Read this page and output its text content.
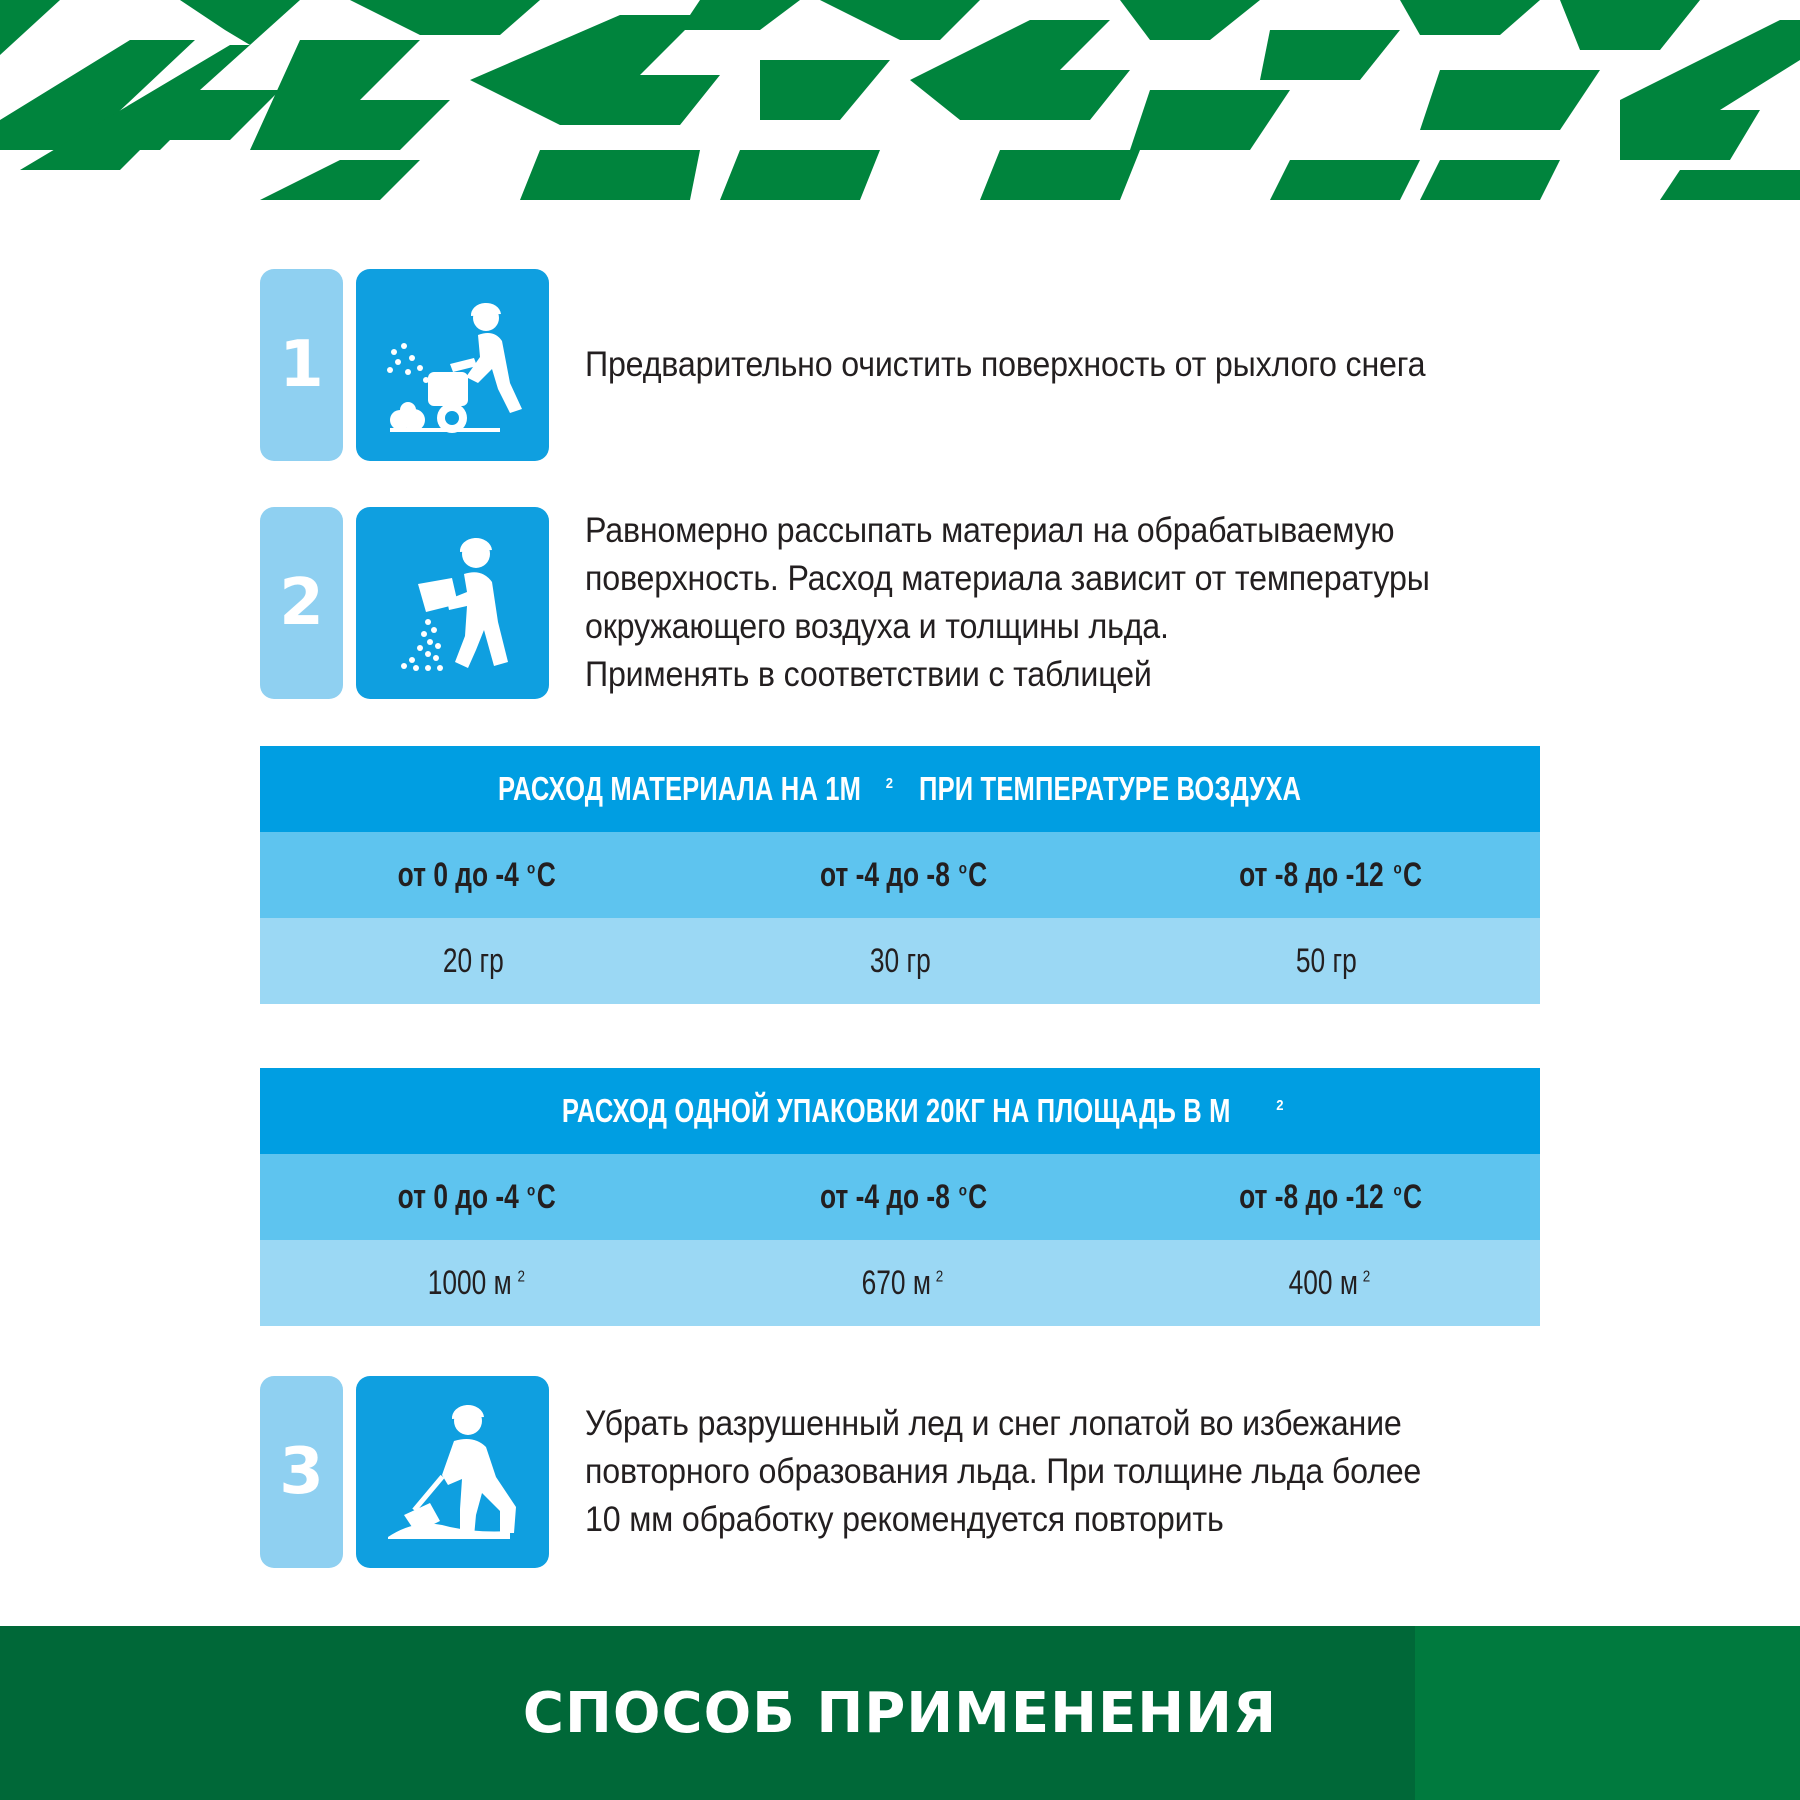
1	Предварительно очистить поверхность от рыхлого снега
2
Равномерно рассыпать материал на обрабатываемую
поверхность. Расход материала зависит от температуры
окружающего воздуха и толщины льда.
Применять в соответствии с таблицей
РАСХОД МАТЕРИАЛА НА 1М $^2$ПРИ ТЕМПЕРАТУРЕ ВОЗДУХА
от 0 до -4 $^о$С	от -4 до -8 $^о$С	от -8 до -12 $^о$С
20 гр	30 гр	50 гр
РАСХОД ОДНОЙ УПАКОВКИ 20КГ НА ПЛОЩАДЬ В М	$^2$
от 0 до -4 $^о$С	от -4 до -8 $^о$С	от -8 до -12 $^о$С
1000 м $^2$	670 м $^2$	400 м $^2$
3
Убрать разрушенный лед и снег лопатой во избежание
повторного образования льда. При толщине льда более
10 мм обработку рекомендуется повторить
СПОСОБ ПРИМЕНЕНИЯ
